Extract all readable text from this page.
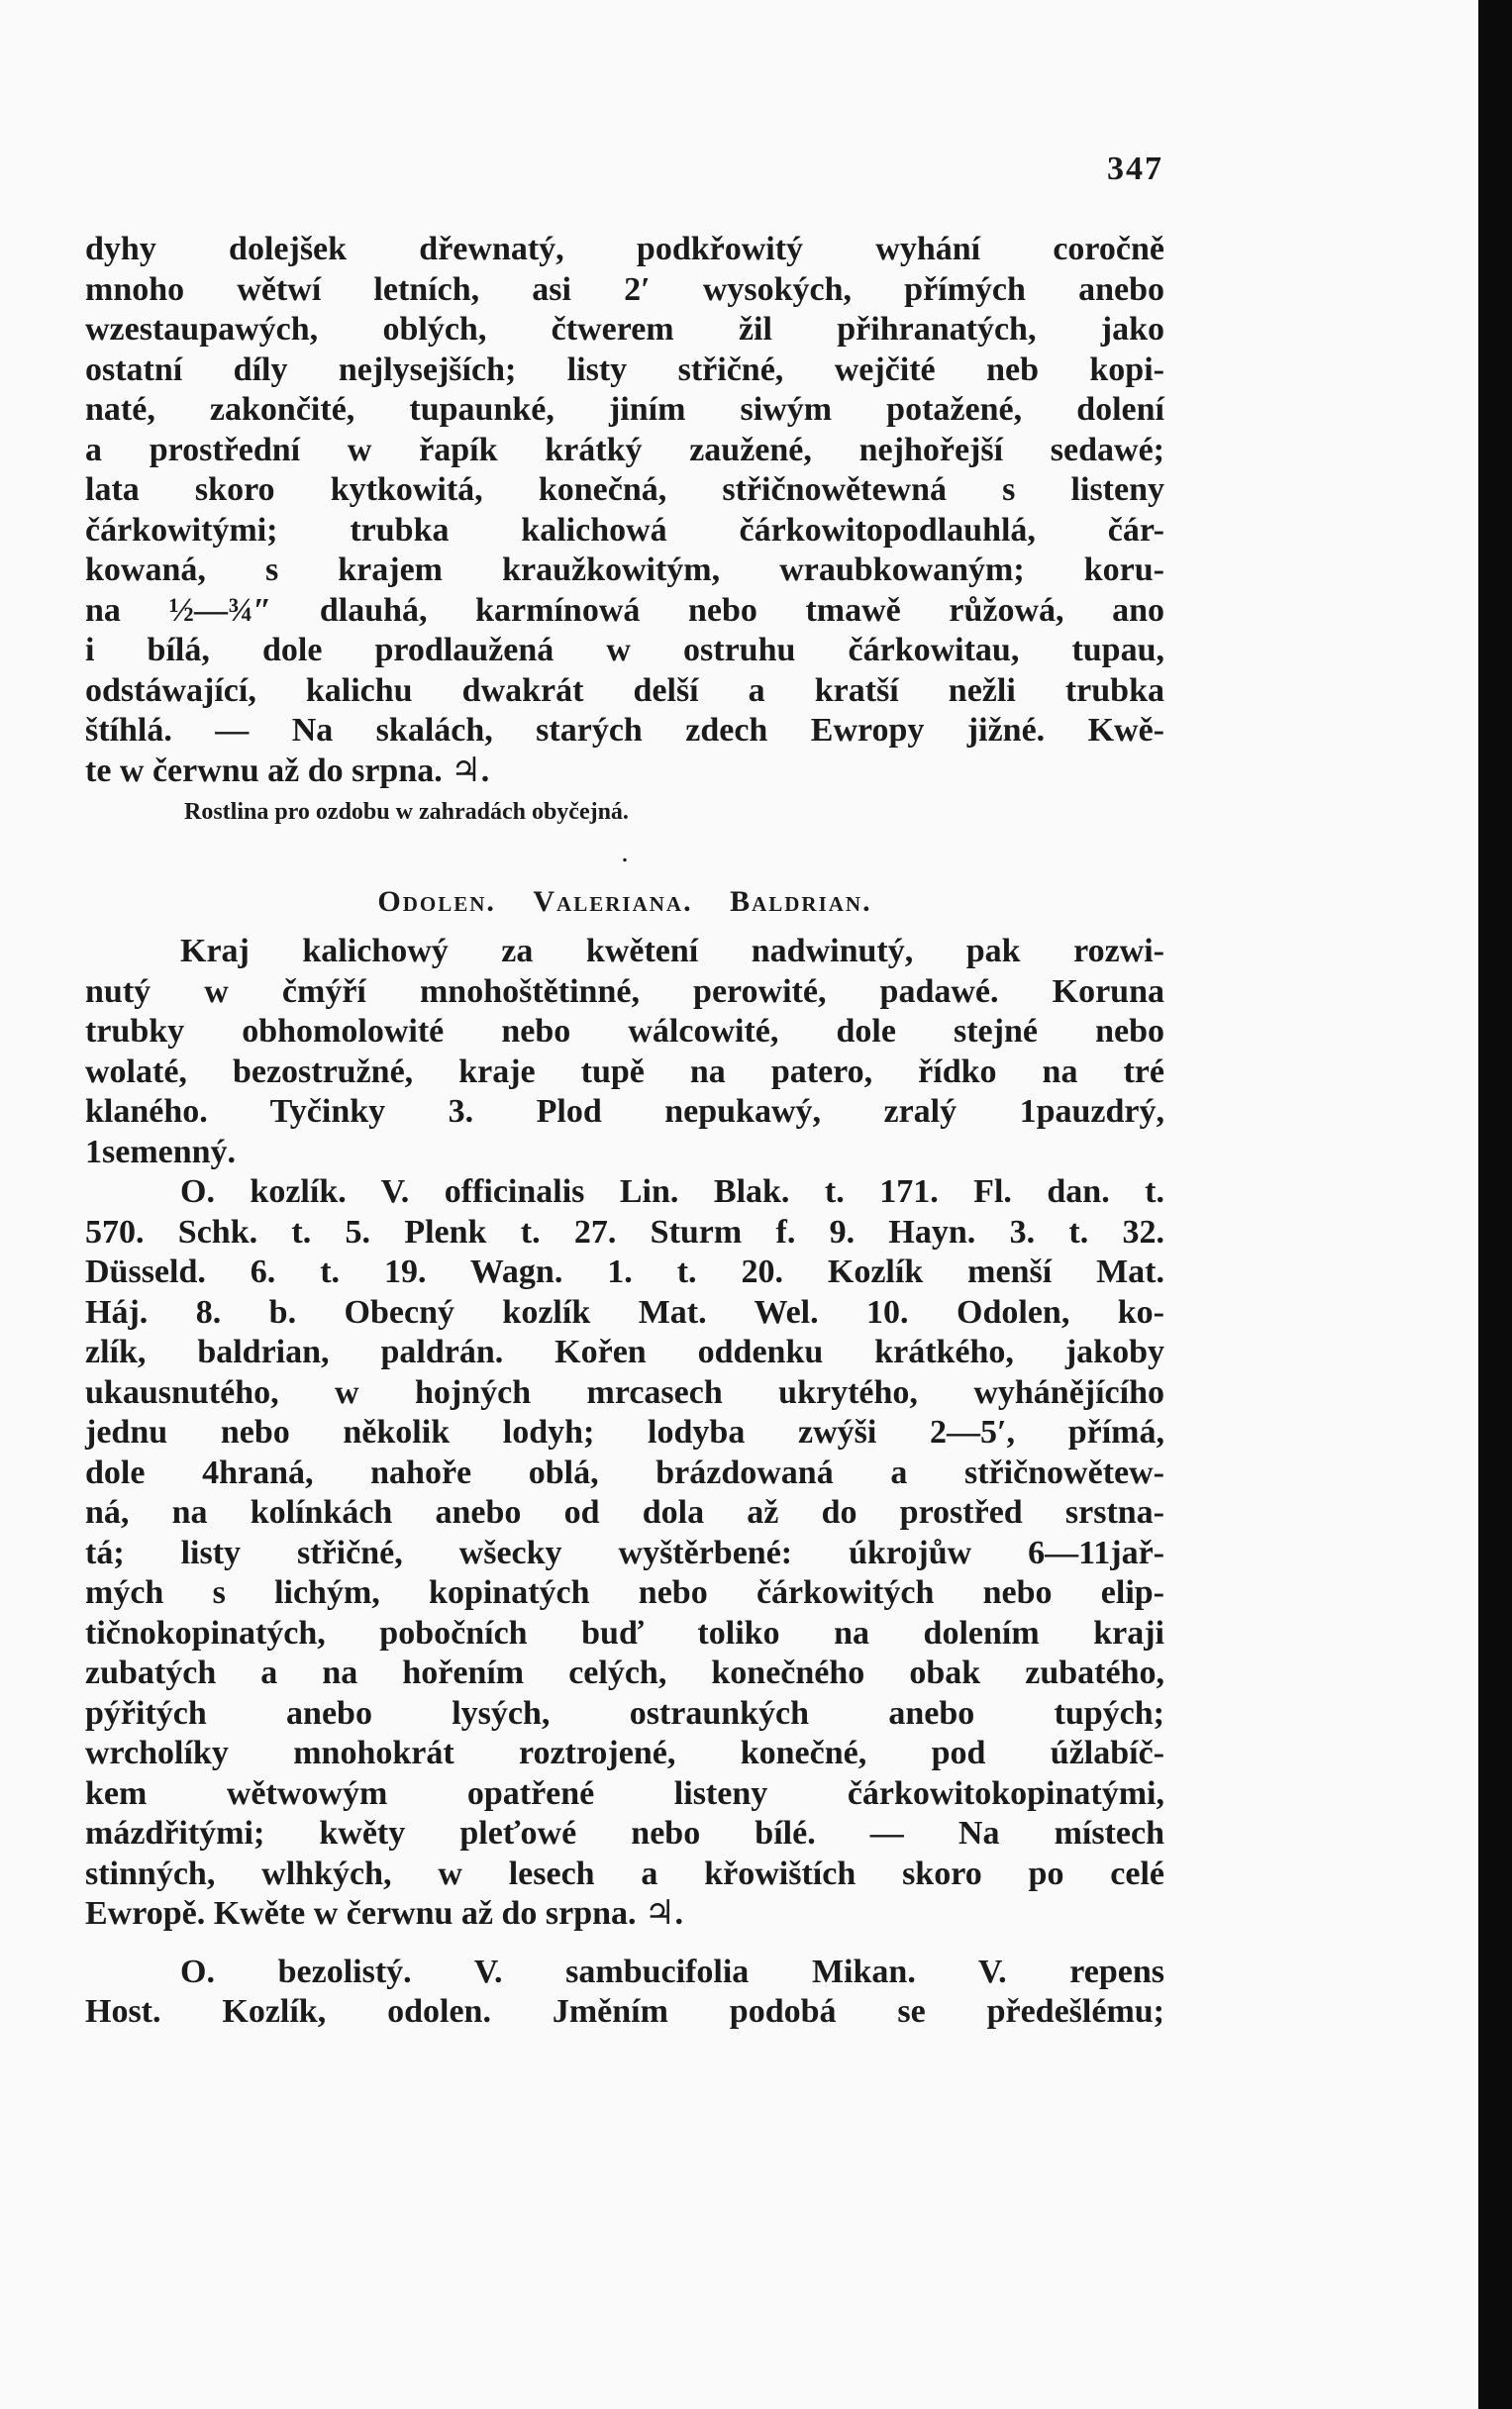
347
dyhy dolejšek dřewnatý, podkřowitý wyhání cоročně
mnoho wětwí letních, asi 2′ wysokých, přímých anebo
wzestaupawých, oblých, čtwerem žil přihranatých, jako
ostatní díly nejlysejších; listy střičné, wejčité neb kopi-
naté, zakončité, tupaunké, jiním siwým potažené, dolení
a prostřední w řapík krátký zaužené, nejhořejší sedawé;
lata skoro kytkowitá, konečná, střičnowětewná s listeny
čárkowitými; trubka kalichowá čárkowitopodlauhlá, čár-
kowaná, s krajem kraužkowitým, wraubkowaným; koru-
na ½—¾″ dlauhá, karmínowá nebo tmawě růžowá, ano
i bílá, dole prodlaužená w ostruhu čárkowitau, tupau,
odstáwající, kalichu dwakrát delší a kratší nežli trubka
štíhlá. — Na skalách, starých zdech Ewropy jižné. Kwě-
te w čerwnu až do srpna. ♃.
Rostlina pro ozdobu w zahradách obyčejná.
.
Odolen. Valeriana. Baldrian.
Kraj kalichowý za kwětení nadwinutý, pak rozwi-
nutý w čmýří mnohoštětinné, perowité, padawé. Koruna
trubky obhomolowité nebo wálcowité, dole stejné nebo
wolaté, bezostružné, kraje tupě na patero, řídko na tré
klaného. Tyčinky 3. Plod nepukawý, zralý 1pauzdrý,
1semenný.
O. kozlík. V. officinalis Lin. Blak. t. 171. Fl. dan. t.
570. Schk. t. 5. Plenk t. 27. Sturm f. 9. Hayn. 3. t. 32.
Düsseld. 6. t. 19. Wagn. 1. t. 20. Kozlík menší Mat.
Háj. 8. b. Obecný kozlík Mat. Wel. 10. Odolen, ko-
zlík, baldrian, paldrán. Kořen oddenku krátkého, jakoby
ukausnutého, w hojných mrcasech ukrytého, wyhánějícího
jednu nebo několik lodyh; lodyba zwýši 2—5′, přímá,
dole 4hraná, nahoře oblá, brázdowaná a střičnowětew-
ná, na kolínkách anebo od dola až do prostřed srstna-
tá; listy střičné, wšecky wyštěrbené: úkrojůw 6—11jař-
mých s lichým, kopinatých nebo čárkowitých nebo elip-
tičnokopinatých, pobočních buď toliko na dolením kraji
zubatých a na hořením celých, konečného obak zubatého,
pýřitých anebo lysých, ostraunkých anebo tupých;
wrcholíky mnohokrát roztrojené, konečné, pod úžlabíč-
kem wětwowým opatřené listeny čárkowitokopinatými,
mázdřitými; kwěty pleťowé nebo bílé. — Na místech
stinných, wlhkých, w lesech a křowištích skoro po celé
Ewropě. Kwěte w čerwnu až do srpna. ♃.
O. bezolistý. V. sambucifolia Mikan. V. repens
Host. Kozlík, odolen. Jměním podobá se předešlému;
